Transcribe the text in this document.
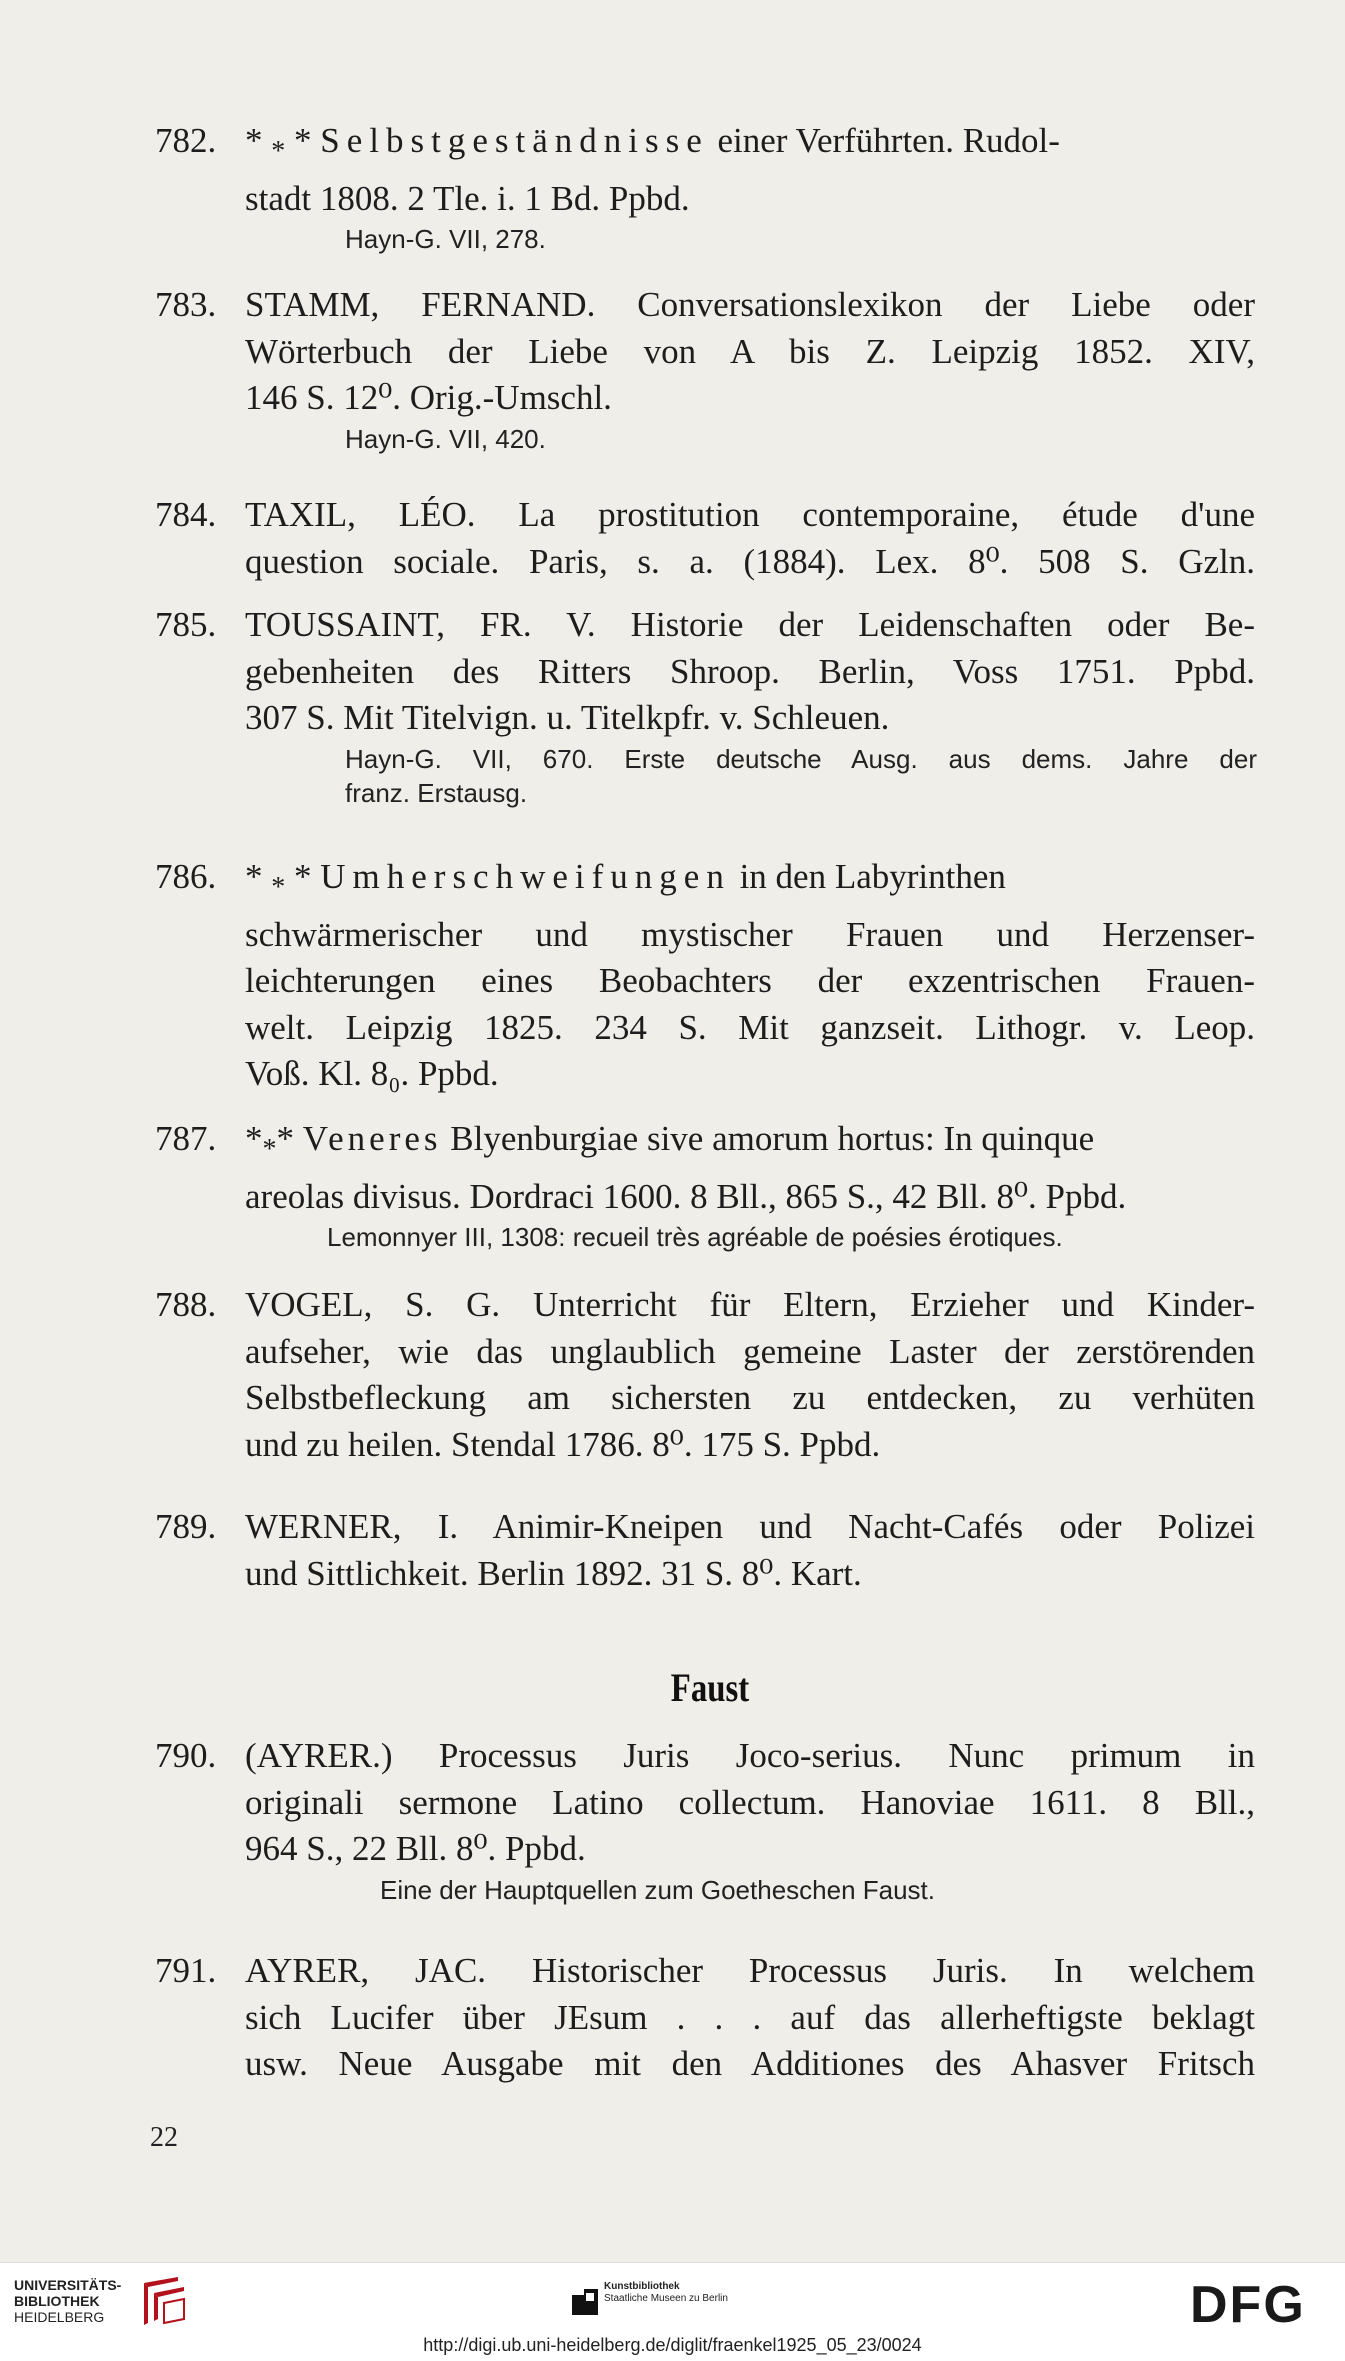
782. * $_*$ * Selbstgeständnisse einer Verführten. Rudol-
stadt 1808. 2 Tle. i. 1 Bd. Ppbd.
Hayn-G. VII, 278.
783. STAMM, FERNAND. Conversationslexikon der Liebe oder
Wörterbuch der Liebe von A bis Z. Leipzig 1852. XIV,
146 S. 12⁰. Orig.-Umschl.
Hayn-G. VII, 420.
784. TAXIL, LÉO. La prostitution contemporaine, étude d'une
question sociale. Paris, s. a. (1884). Lex. 8⁰. 508 S. Gzln.
785. TOUSSAINT, FR. V. Historie der Leidenschaften oder Be-
gebenheiten des Ritters Shroop. Berlin, Voss 1751. Ppbd.
307 S. Mit Titelvign. u. Titelkpfr. v. Schleuen.
Hayn-G. VII, 670. Erste deutsche Ausg. aus dems. Jahre der
franz. Erstausg.
786. * $_*$ * Umherschweifungen in den Labyrinthen
schwärmerischer und mystischer Frauen und Herzenser-
leichterungen eines Beobachters der exzentrischen Frauen-
welt. Leipzig 1825. 234 S. Mit ganzseit. Lithogr. v. Leop.
Voß. Kl. 8₀. Ppbd.
787. $*_**$ Veneres Blyenburgiae sive amorum hortus: In quinque
areolas divisus. Dordraci 1600. 8 Bll., 865 S., 42 Bll. 8⁰. Ppbd.
Lemonnyer III, 1308: recueil très agréable de poésies érotiques.
788. VOGEL, S. G. Unterricht für Eltern, Erzieher und Kinder-
aufseher, wie das unglaublich gemeine Laster der zerstörenden
Selbstbefleckung am sichersten zu entdecken, zu verhüten
und zu heilen. Stendal 1786. 8⁰. 175 S. Ppbd.
789. WERNER, I. Animir-Kneipen und Nacht-Cafés oder Polizei
und Sittlichkeit. Berlin 1892. 31 S. 8⁰. Kart.
Faust
790. (AYRER.) Processus Juris Joco-serius. Nunc primum in
originali sermone Latino collectum. Hanoviae 1611. 8 Bll.,
964 S., 22 Bll. 8⁰. Ppbd.
Eine der Hauptquellen zum Goetheschen Faust.
791. AYRER, JAC. Historischer Processus Juris. In welchem
sich Lucifer über JEsum . . . auf das allerheftigste beklagt
usw. Neue Ausgabe mit den Additiones des Ahasver Fritsch
22
UNIVERSITÄTS-
BIBLIOTHEK
HEIDELBERG
Kunstbibliothek
Staatliche Museen zu Berlin	DFG
http://digi.ub.uni-heidelberg.de/diglit/fraenkel1925_05_23/0024
